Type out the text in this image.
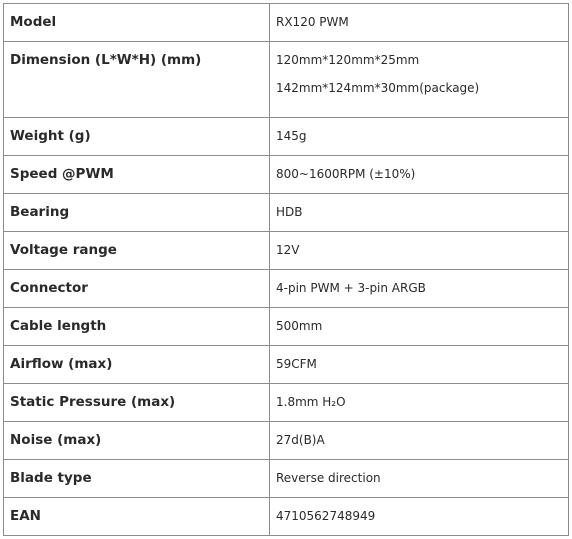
Model	RX120 PWM

Dimension (L*W*H) (mm)	120mm*120mm*25mm
142mm*124mm*30mm(package)

Weight (g)	145g

Speed @PWM	800~1600RPM (±10%)

Bearing	HDB

Voltage range	12V

Connector	4-pin PWM + 3-pin ARGB

Cable length	500mm

Airflow (max)	59CFM

Static Pressure (max)	1.8mm H₂O

Noise (max)	27d(B)A

Blade type	Reverse direction

EAN	4710562748949
